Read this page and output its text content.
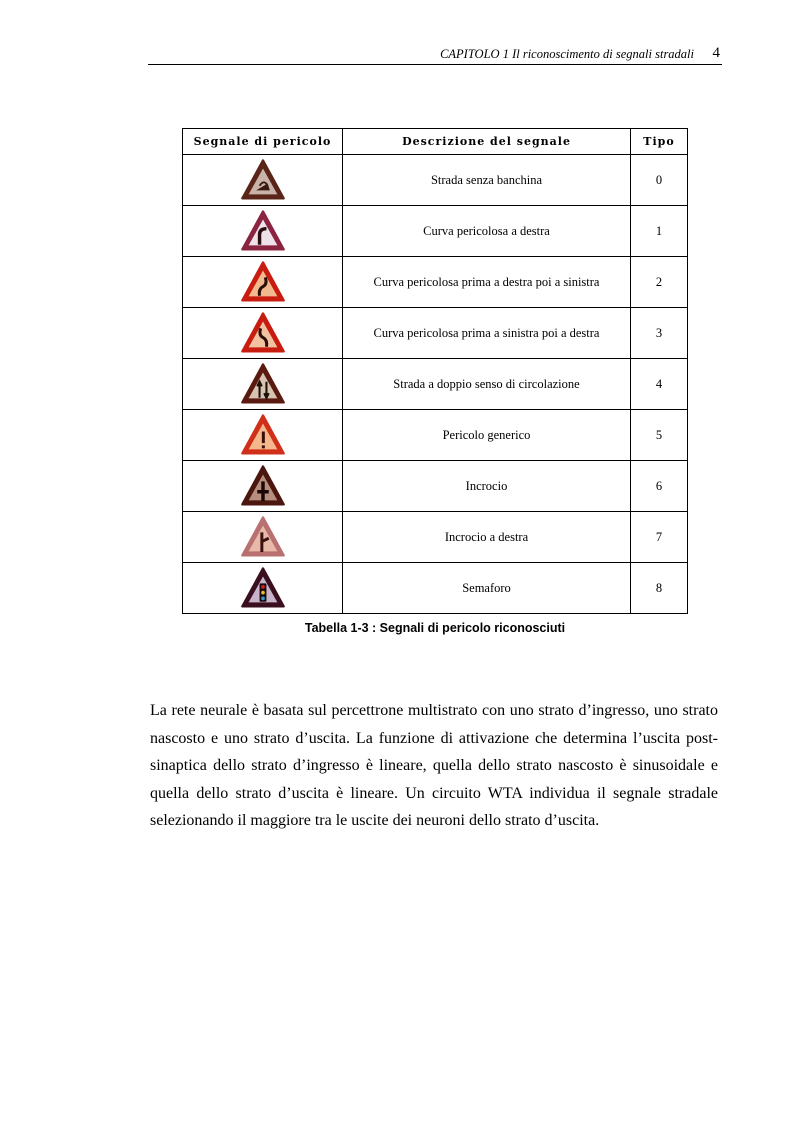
CAPITOLO 1 Il riconoscimento di segnali stradali 4
Segnale di pericolo	Descrizione del segnale	Tipo

	Strada senza banchina	0

	Curva pericolosa a destra	1

	Curva pericolosa prima a destra poi a sinistra	2

	Curva pericolosa prima a sinistra poi a destra	3

	Strada a doppio senso di circolazione	4

	Pericolo generico	5

	Incrocio	6

	Incrocio a destra	7

	Semaforo	8
Tabella 1-3 : Segnali di pericolo riconosciuti

La rete neurale è basata sul percettrone multistrato con uno strato d’ingresso, uno strato nascosto e uno strato d’uscita. La funzione di attivazione che determina l’uscita post-sinaptica dello strato d’ingresso è lineare, quella dello strato nascosto è sinusoidale e quella dello strato d’uscita è lineare. Un circuito WTA individua il segnale stradale selezionando il maggiore tra le uscite dei neuroni dello strato d’uscita.
